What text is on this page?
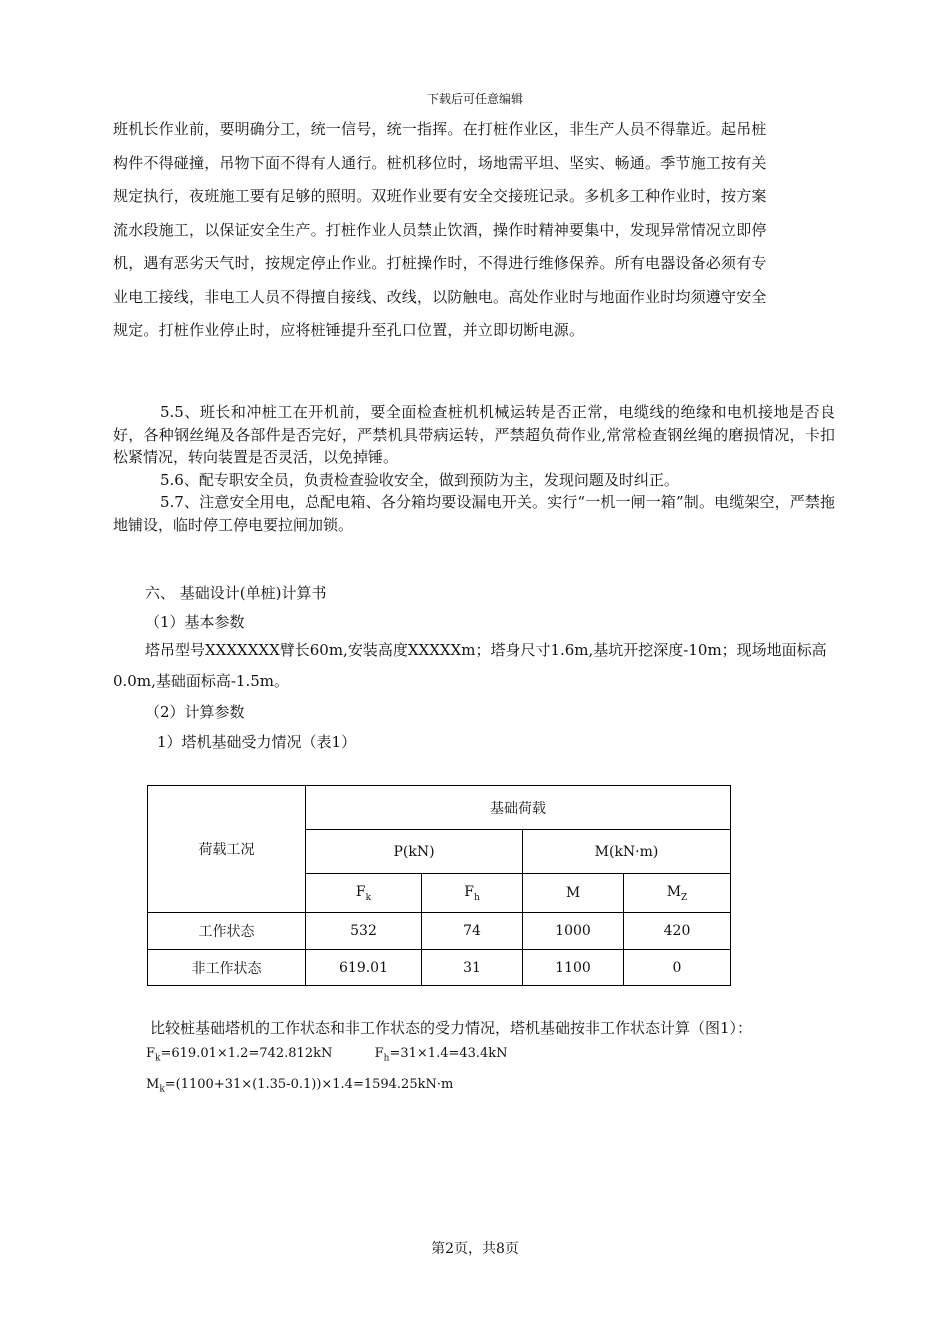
下载后可任意编辑

班机长作业前，要明确分工，统一信号，统一指挥。在打桩作业区，非生产人员不得靠近。起吊桩

构件不得碰撞，吊物下面不得有人通行。桩机移位时，场地需平坦、坚实、畅通。季节施工按有关

规定执行，夜班施工要有足够的照明。双班作业要有安全交接班记录。多机多工种作业时，按方案

流水段施工，以保证安全生产。打桩作业人员禁止饮酒，操作时精神要集中，发现异常情况立即停

机，遇有恶劣天气时，按规定停止作业。打桩操作时，不得进行维修保养。所有电器设备必须有专

业电工接线，非电工人员不得擅自接线、改线，以防触电。高处作业时与地面作业时均须遵守安全

规定。打桩作业停止时，应将桩锤提升至孔口位置，并立即切断电源。

5.5、班长和冲桩工在开机前，要全面检查桩机机械运转是否正常，电缆线的绝缘和电机接地是否良好，各种钢丝绳及各部件是否完好，严禁机具带病运转，严禁超负荷作业,常常检查钢丝绳的磨损情况，卡扣松紧情况，转向装置是否灵活，以免掉锤。

5.6、配专职安全员，负责检查验收安全，做到预防为主，发现问题及时纠正。

5.7、注意安全用电，总配电箱、各分箱均要设漏电开关。实行“一机一闸一箱”制。电缆架空，严禁拖地铺设，临时停工停电要拉闸加锁。

六、 基础设计(单桩)计算书
（1）基本参数

塔吊型号XXXXXXX臂长60m,安装高度XXXXXm；塔身尺寸1.6m,基坑开挖深度-10m；现场地面标高0.0m,基础面标高-1.5m。

（2）计算参数
1）塔机基础受力情况（表1）
荷载工况	基础荷载			
	P(kN)		M(kN·m)	
	$F_k$	$F_h$	M	$M_Z$
工作状态	532	74	1000	420
非工作状态	619.01	31	1100	0
比较桩基础塔机的工作状态和非工作状态的受力情况，塔机基础按非工作状态计算（图1）：
$F_k=619.01\times 1.2=742.812kN$	$F_h=31\times 1.4=43.4kN$
$M_k=(1100+31\times(1.35-0.1))\times 1.4=1594.25kN\cdot m$
第2页，共8页
